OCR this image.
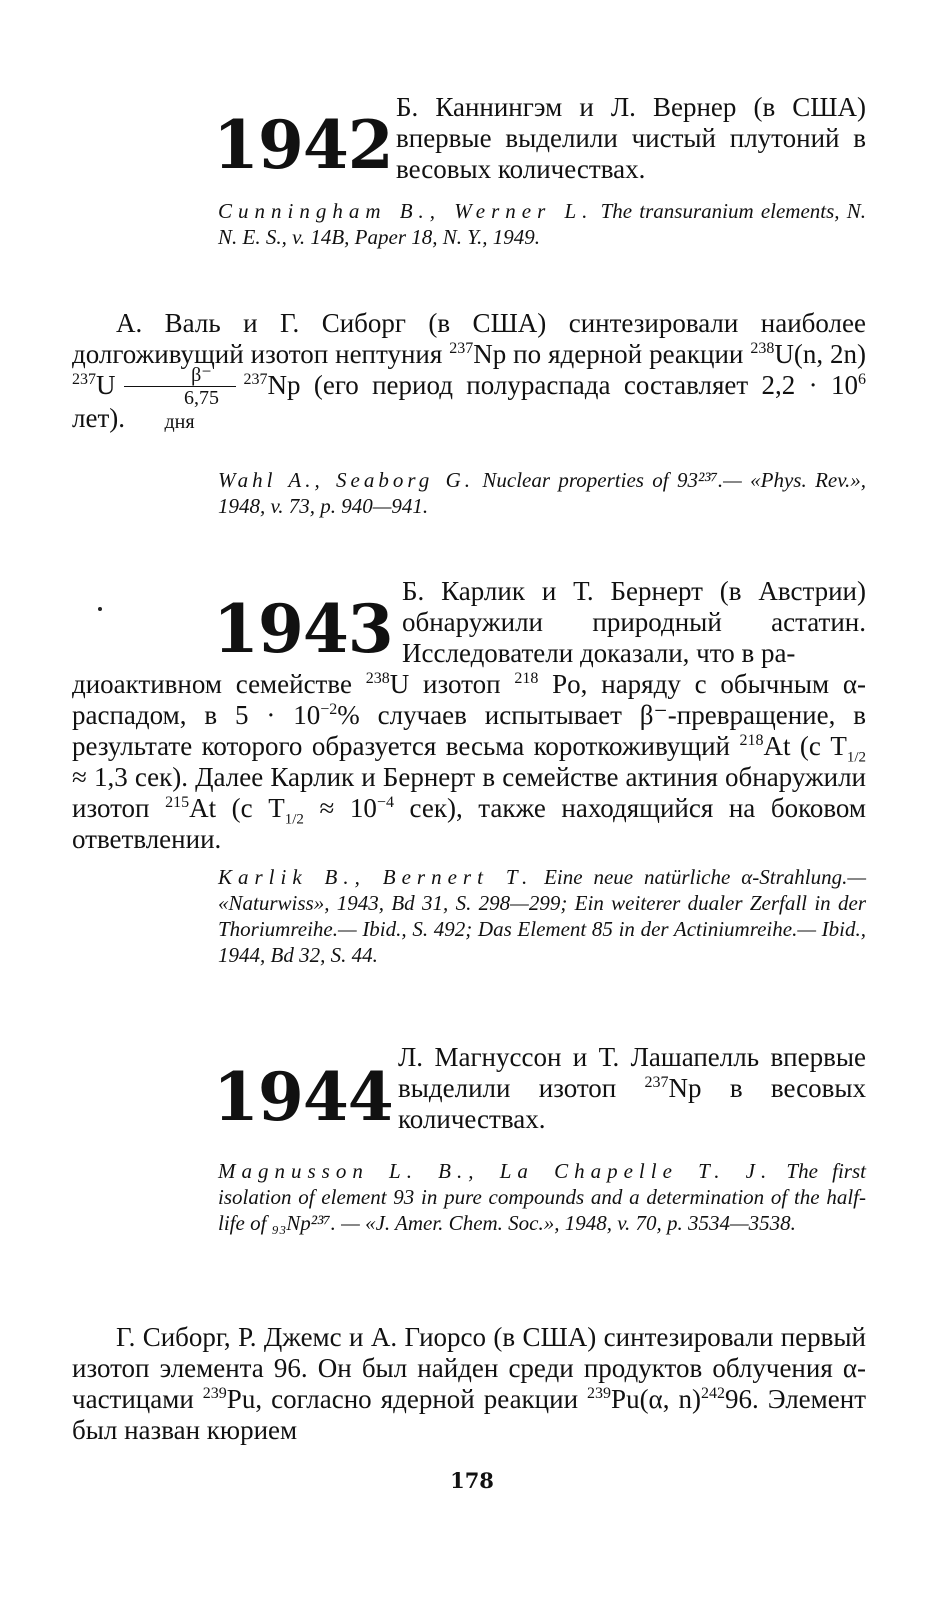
1942 Б. Каннингэм и Л. Вернер (в США) впервые выделили чистый плутоний в весовых количествах.
Cunningham B., Werner L. The transuranium elements, N. N. E. S., v. 14B, Paper 18, N. Y., 1949.
А. Валь и Г. Сиборг (в США) синтезировали наиболее долгоживущий изотоп нептуния $^{237}$Np по ядерной реакции $^{238}$U(n, 2n) $^{237}U \frac{\beta^-}{\text{6,75 дня}} ^{237}Np$ (его период полураспада составляет $2,2 \cdot 10^6$ лет).
Wahl A., Seaborg G. Nuclear properties of 93²³⁷.— «Phys. Rev.», 1948, v. 73, p. 940—941.
1943 Б. Карлик и Т. Бернерт (в Австрии) обнаружили природный астатин. Исследователи доказали, что в ра-
диоактивном семействе $^{238}$U изотоп $^{218}$ Po, наряду с обычным α-распадом, в $5 \cdot 10^{-2}\%$ случаев испытывает β⁻-превращение, в результате которого образуется весьма короткоживущий $^{218}$At (с $T_{1/2} \approx 1,3$ сек). Далее Карлик и Бернерт в семействе актиния обнаружили изотоп $^{215}$At (с $T_{1/2} \approx 10^{-4}$ сек), также находящийся на боковом ответвлении.
Karlik B., Bernert T. Eine neue natürliche α-Strahlung.— «Naturwiss», 1943, Bd 31, S. 298—299; Ein weiterer dualer Zerfall in der Thoriumreihe.— Ibid., S. 492; Das Element 85 in der Actiniumreihe.— Ibid., 1944, Bd 32, S. 44.
1944
Л. Магнуссон и Т. Лашапелль впервые выделили изотоп $^{237}$Np в весовых количествах.
Magnusson L. B., La Chapelle T. J. The first isolation of element 93 in pure compounds and a determination of the half-life of ₉₃Np²³⁷. — «J. Amer. Chem. Soc.», 1948, v. 70, p. 3534—3538.
Г. Сиборг, Р. Джемс и А. Гиорсо (в США) синтезировали первый изотоп элемента 96. Он был найден среди продуктов облучения α-частицами $^{239}$Pu, согласно ядерной реакции $^{239}$Pu(α, n)$^{242}$96. Элемент был назван кюрием
178
